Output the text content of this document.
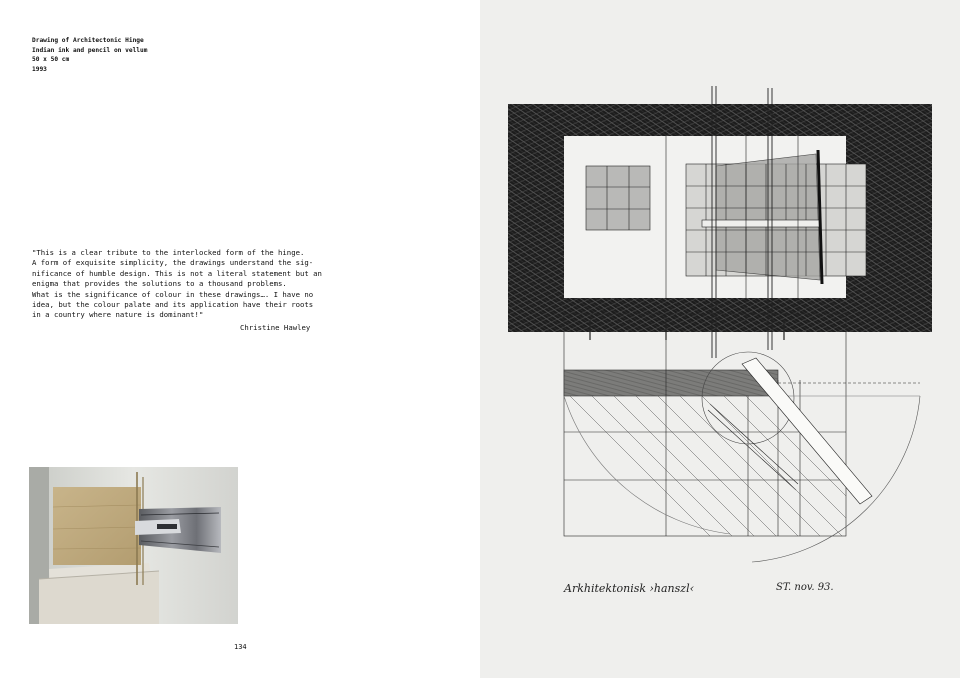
Drawing of Architectonic Hinge
Indian ink and pencil on vellum
50 x 50 cm
1993
"This is a clear tribute to the interlocked form of the hinge.
A form of exquisite simplicity, the drawings understand the sig-
nificance of humble design. This is not a literal statement but an
enigma that provides the solutions to a thousand problems.
What is the significance of colour in these drawings…. I have no
idea, but the colour palate and its application have their roots
in a country where nature is dominant!"
Christine Hawley
134
Arkhitektonisk ›hanszl‹	ST. nov. 93.
